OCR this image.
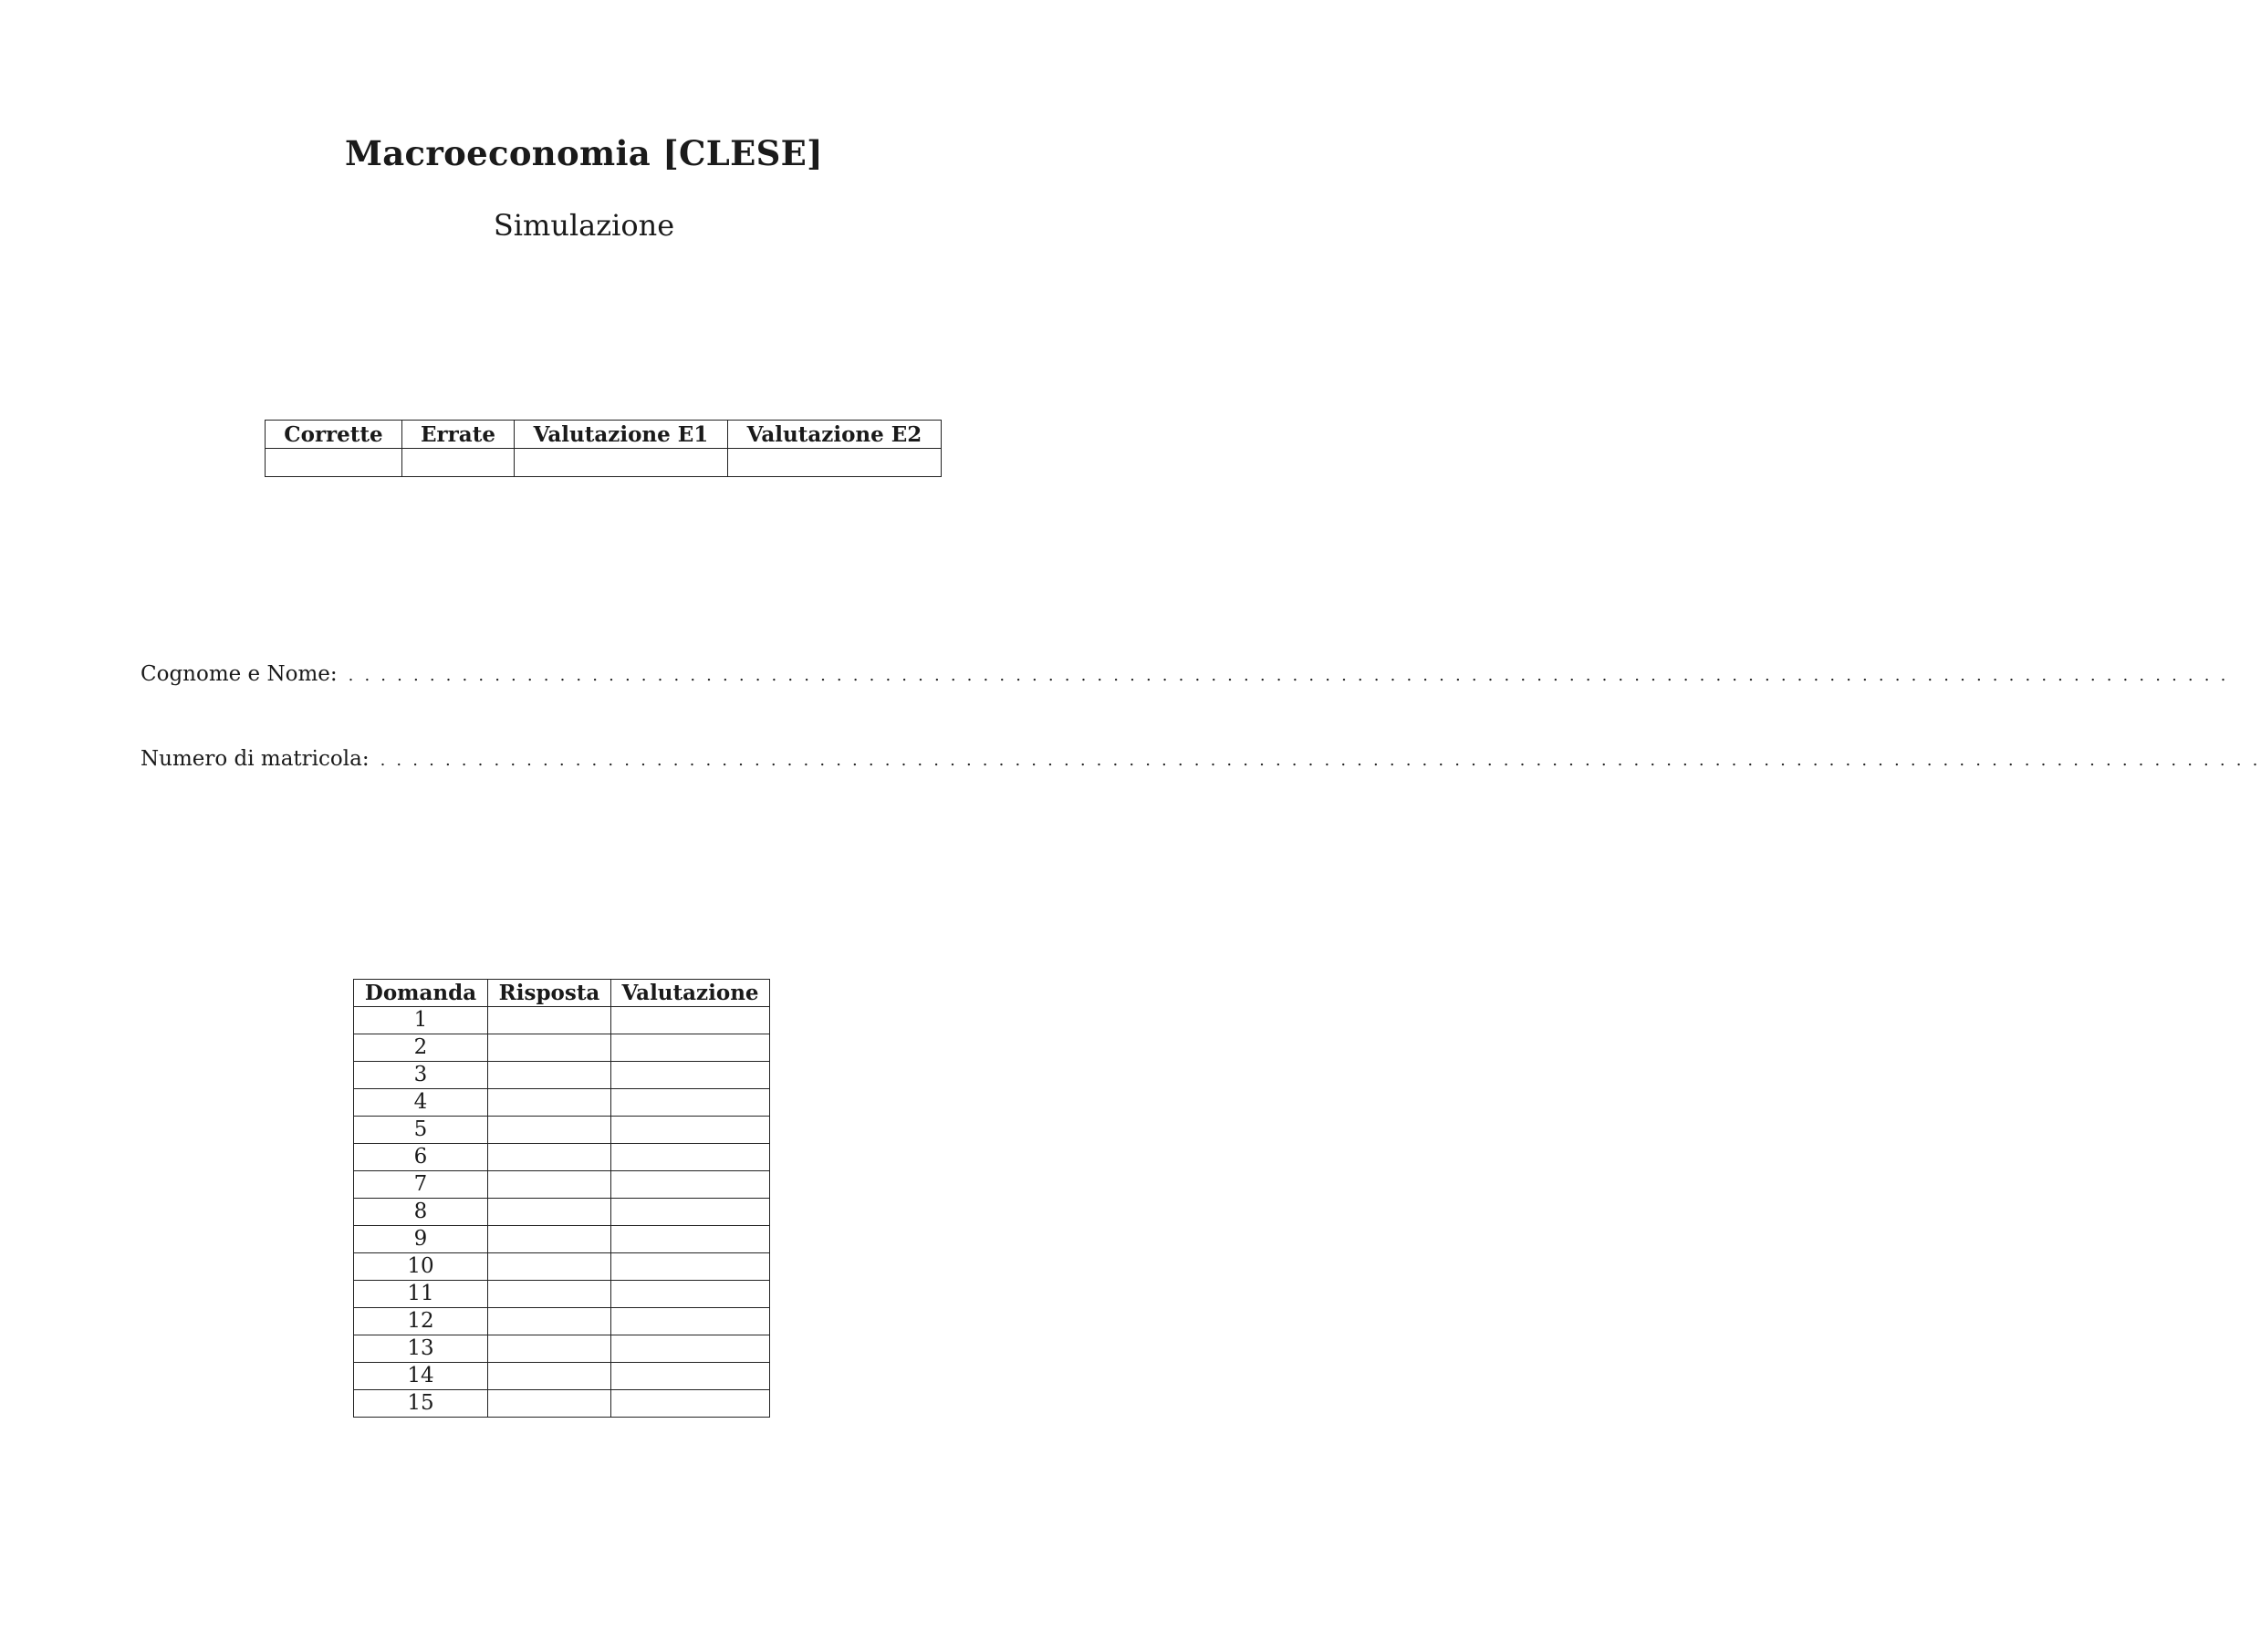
Macroeconomia [CLESE]
Simulazione
Corrette	Errate	Valutazione E1	Valutazione E2

Cognome e Nome: . . . . . . . . . . . . . . . . . . . . . . . . . . . . . . . . . . . . . . . . . . . . . . . . . . . . . . . . . . . . . . . . . . . . . . . . . . . . . . . . . . . . . . . . . . . . . . . . . . . . . . . . . . . . . . . . . . . .
Numero di matricola: . . . . . . . . . . . . . . . . . . . . . . . . . . . . . . . . . . . . . . . . . . . . . . . . . . . . . . . . . . . . . . . . . . . . . . . . . . . . . . . . . . . . . . . . . . . . . . . . . . . . . . . . . . . . . . . . . . . .
Domanda	Risposta	Valutazione
1		
2		
3		
4		
5		
6		
7		
8		
9		
10		
11		
12		
13		
14		
15		
